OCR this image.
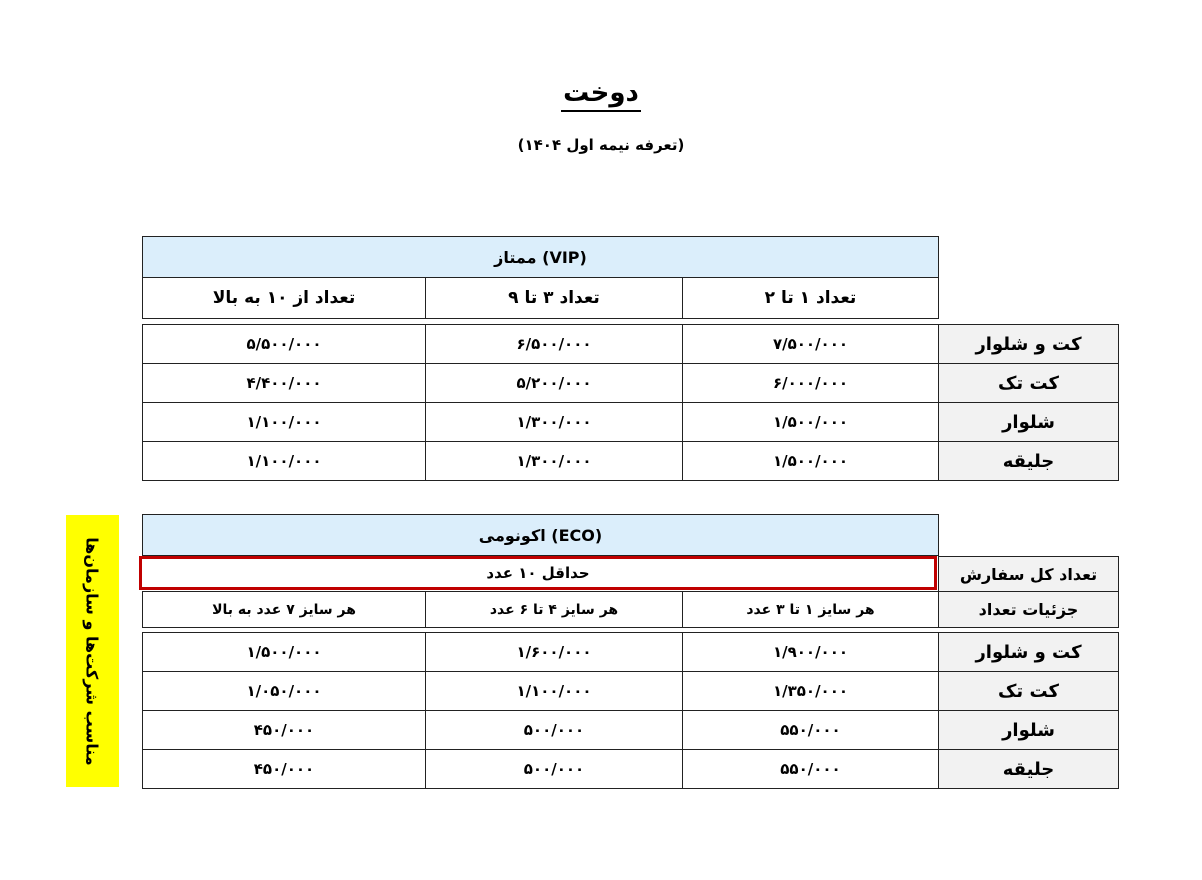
دوخت
(تعرفه نیمه اول ۱۴۰۴)
ممتاز (VIP)
تعداد ۱ تا ۲
تعداد ۳ تا ۹
تعداد از ۱۰ به بالا
کت و شلوار
۷/۵۰۰/۰۰۰
۶/۵۰۰/۰۰۰
۵/۵۰۰/۰۰۰
کت تک
۶/۰۰۰/۰۰۰
۵/۲۰۰/۰۰۰
۴/۴۰۰/۰۰۰
شلوار
۱/۵۰۰/۰۰۰
۱/۳۰۰/۰۰۰
۱/۱۰۰/۰۰۰
جلیقه
۱/۵۰۰/۰۰۰
۱/۳۰۰/۰۰۰
۱/۱۰۰/۰۰۰
مناسب شرکت‌ها و سازمان‌ها
اکونومی (ECO)
تعداد کل سفارش
حداقل ۱۰ عدد
جزئیات تعداد
هر سایز ۱ تا ۳ عدد
هر سایز ۴ تا ۶ عدد
هر سایز ۷ عدد به بالا
کت و شلوار
۱/۹۰۰/۰۰۰
۱/۶۰۰/۰۰۰
۱/۵۰۰/۰۰۰
کت تک
۱/۳۵۰/۰۰۰
۱/۱۰۰/۰۰۰
۱/۰۵۰/۰۰۰
شلوار
۵۵۰/۰۰۰
۵۰۰/۰۰۰
۴۵۰/۰۰۰
جلیقه
۵۵۰/۰۰۰
۵۰۰/۰۰۰
۴۵۰/۰۰۰
